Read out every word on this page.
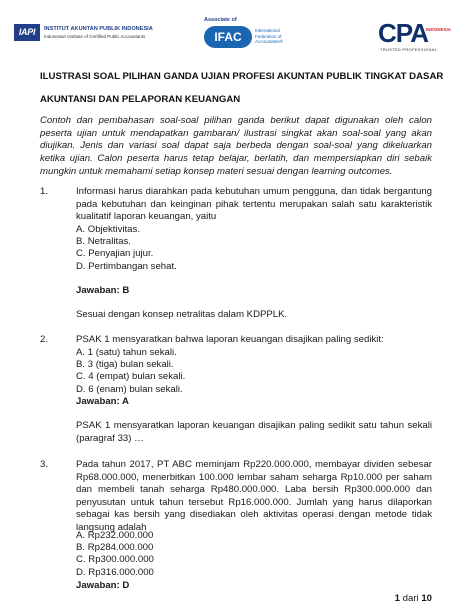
IAPI	INSTITUT AKUNTAN PUBLIK INDONESIA
Indonesian Institute of Certified Public Accountants
Associate of
IFAC	International Federation of Accountants®	CPA
INDONESIA
TRUSTED PROFESSIONAL
ILUSTRASI SOAL PILIHAN GANDA UJIAN PROFESI AKUNTAN PUBLIK TINGKAT DASAR
AKUNTANSI DAN PELAPORAN KEUANGAN

Contoh dan pembahasan soal-soal pilihan ganda berikut dapat digunakan oleh calon peserta ujian untuk mendapatkan gambaran/ ilustrasi singkat akan soal-soal yang akan diujikan. Jenis dan variasi soal dapat saja berbeda dengan soal-soal yang dikeluarkan ketika ujian. Calon peserta harus tetap belajar, berlatih, dan mempersiapkan diri sebaik mungkin untuk memahami setiap konsep materi sesuai dengan learning outcomes.

1.	Informasi harus diarahkan pada kebutuhan umum pengguna, dan tidak bergantung pada kebutuhan dan keinginan pihak tertentu merupakan salah satu karakteristik kualitatif laporan keuangan, yaitu

A. Objektivitas.
B. Netralitas.
C. Penyajian jujur.
D. Pertimbangan sehat.
Jawaban: B

Sesuai dengan konsep netralitas dalam KDPPLK.

2.	PSAK 1 mensyaratkan bahwa laporan keuangan disajikan paling sedikit:

A. 1 (satu) tahun sekali.
B. 3 (tiga) bulan sekali.
C. 4 (empat) bulan sekali.
D. 6 (enam) bulan sekali.
Jawaban: A

PSAK 1 mensyaratkan laporan keuangan disajikan paling sedikit satu tahun sekali (paragraf 33) …

3.	Pada tahun 2017, PT ABC meminjam Rp220.000.000, membayar dividen sebesar Rp68.000.000, menerbitkan 100.000 lembar saham seharga Rp10.000 per saham dan membeli tanah seharga Rp480.000.000. Laba bersih Rp300.000.000 dan penyusutan untuk tahun tersebut Rp16.000.000. Jumlah yang harus dilaporkan sebagai kas bersih yang disediakan oleh aktivitas operasi dengan metode tidak langsung adalah

A. Rp232.000.000
B. Rp284.000.000
C. Rp300.000.000
D. Rp316.000.000
Jawaban: D
1 dari 10
